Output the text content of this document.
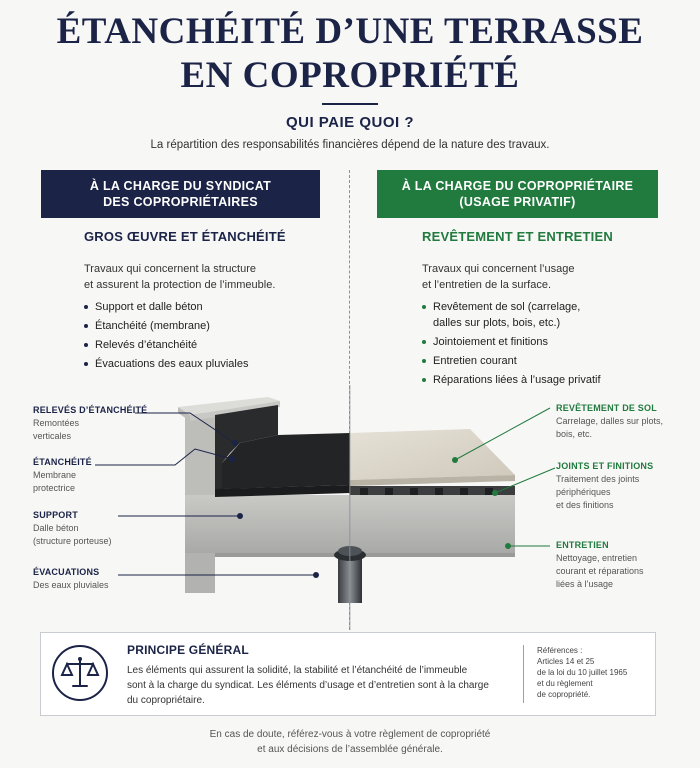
ÉTANCHÉITÉ D’UNE TERRASSE
EN COPROPRIÉTÉ
QUI PAIE QUOI ?
La répartition des responsabilités financières dépend de la nature des travaux.
À LA CHARGE DU SYNDICAT
DES COPROPRIÉTAIRES
À LA CHARGE DU COPROPRIÉTAIRE
(USAGE PRIVATIF)
GROS ŒUVRE ET ÉTANCHÉITÉ	REVÊTEMENT ET ENTRETIEN
Travaux qui concernent la structure
et assurent la protection de l’immeuble.
Travaux qui concernent l’usage
et l’entretien de la surface.
Support et dalle béton
Étanchéité (membrane)
Relevés d’étanchéité
Évacuations des eaux pluviales
Revêtement de sol (carrelage,
dalles sur plots, bois, etc.)
Jointoiement et finitions
Entretien courant
Réparations liées à l’usage privatif
RELEVÉS D’ÉTANCHÉITÉ
Remontées
verticales
ÉTANCHÉITÉ
Membrane
protectrice
SUPPORT
Dalle béton
(structure porteuse)
ÉVACUATIONS
Des eaux pluviales
REVÊTEMENT DE SOL
Carrelage, dalles sur plots,
bois, etc.
JOINTS ET FINITIONS
Traitement des joints
périphériques
et des finitions
ENTRETIEN
Nettoyage, entretien
courant et réparations
liées à l’usage
PRINCIPE GÉNÉRAL
Les éléments qui assurent la solidité, la stabilité et l’étanchéité de l’immeuble
sont à la charge du syndicat. Les éléments d’usage et d’entretien sont à la charge
du copropriétaire.
Références :
Articles 14 et 25
de la loi du 10 juillet 1965
et du règlement
de copropriété.
En cas de doute, référez-vous à votre règlement de copropriété
et aux décisions de l’assemblée générale.
